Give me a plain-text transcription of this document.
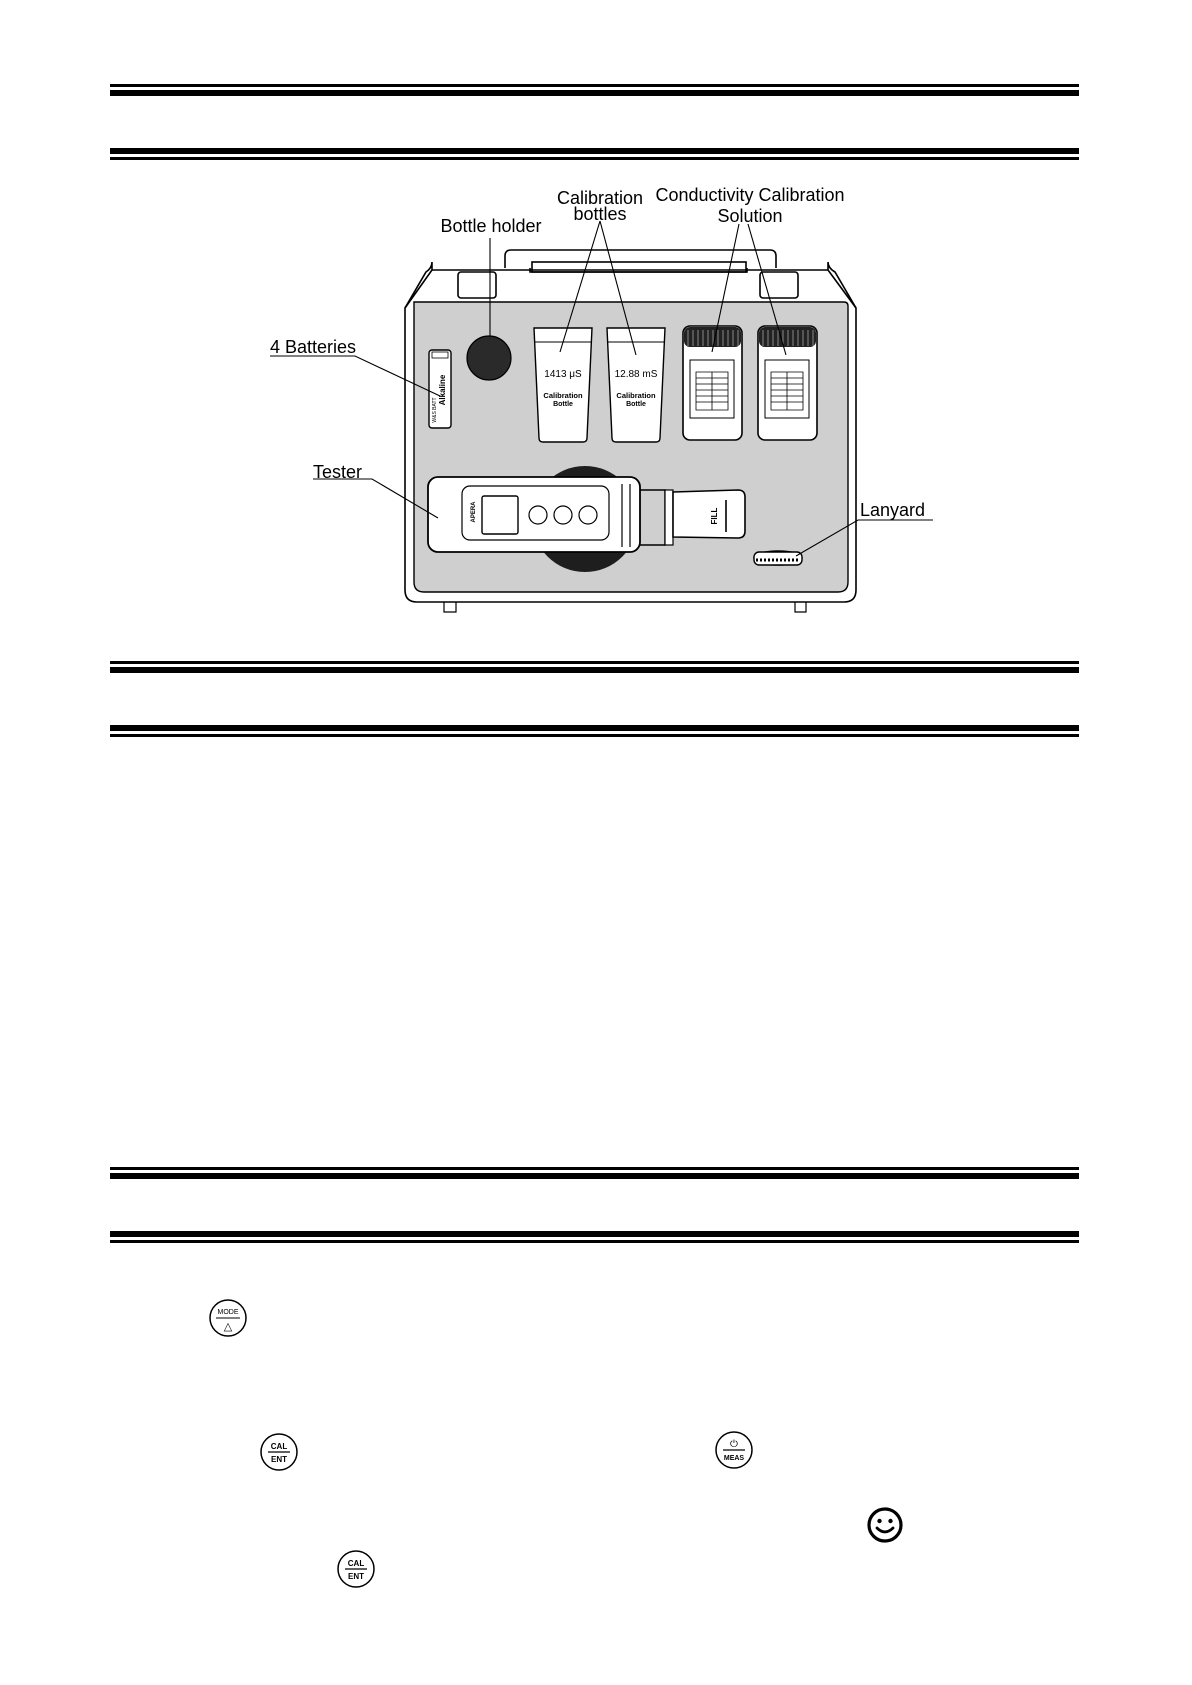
Alkaline
W&S BATT
1413 μS
Calibration
Bottle
12.88 mS
Calibration
Bottle
APERA	FILL
Bottle holder
Calibration
bottles
Conductivity Calibration
Solution
4 Batteries
Tester
Lanyard
MODE
△
CAL
ENT
⏻
MEAS
CAL
ENT
